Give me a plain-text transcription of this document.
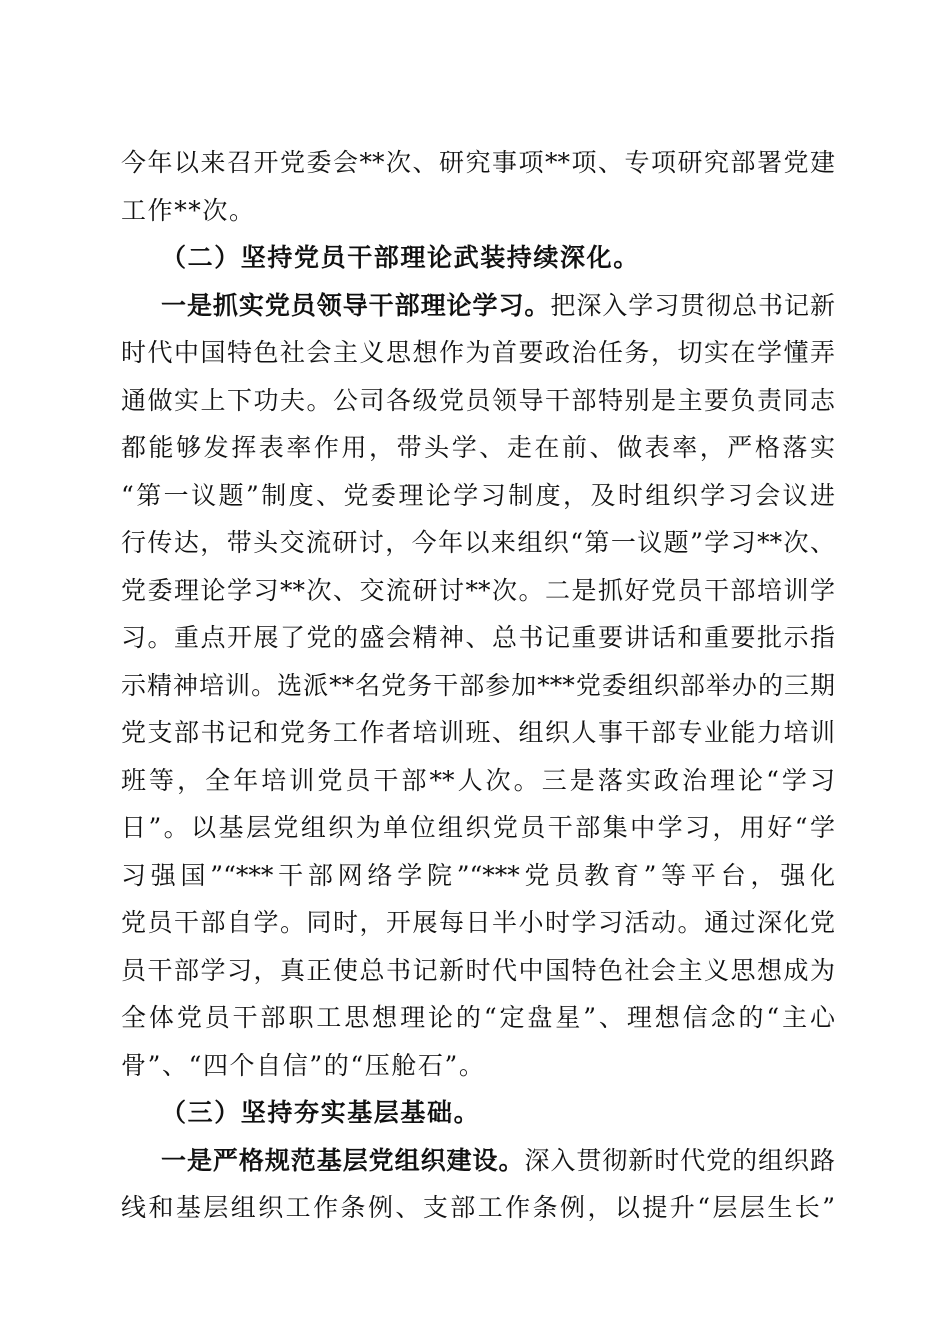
今年以来召开党委会**次、研究事项**项、专项研究部署党建
工作**次。
（二）坚持党员干部理论武装持续深化。
一是抓实党员领导干部理论学习。把深入学习贯彻总书记新
时代中国特色社会主义思想作为首要政治任务，切实在学懂弄
通做实上下功夫。公司各级党员领导干部特别是主要负责同志
都能够发挥表率作用，带头学、走在前、做表率，严格落实
“第一议题”制度、党委理论学习制度，及时组织学习会议进
行传达，带头交流研讨，今年以来组织“第一议题”学习**次、
党委理论学习**次、交流研讨**次。二是抓好党员干部培训学
习。重点开展了党的盛会精神、总书记重要讲话和重要批示指
示精神培训。选派**名党务干部参加***党委组织部举办的三期
党支部书记和党务工作者培训班、组织人事干部专业能力培训
班等，全年培训党员干部**人次。三是落实政治理论“学习
日”。以基层党组织为单位组织党员干部集中学习，用好“学
习强国”“***干部网络学院”“***党员教育”等平台，强化
党员干部自学。同时，开展每日半小时学习活动。通过深化党
员干部学习，真正使总书记新时代中国特色社会主义思想成为
全体党员干部职工思想理论的“定盘星”、理想信念的“主心
骨”、“四个自信”的“压舱石”。
（三）坚持夯实基层基础。
一是严格规范基层党组织建设。深入贯彻新时代党的组织路
线和基层组织工作条例、支部工作条例，以提升“层层生长”
